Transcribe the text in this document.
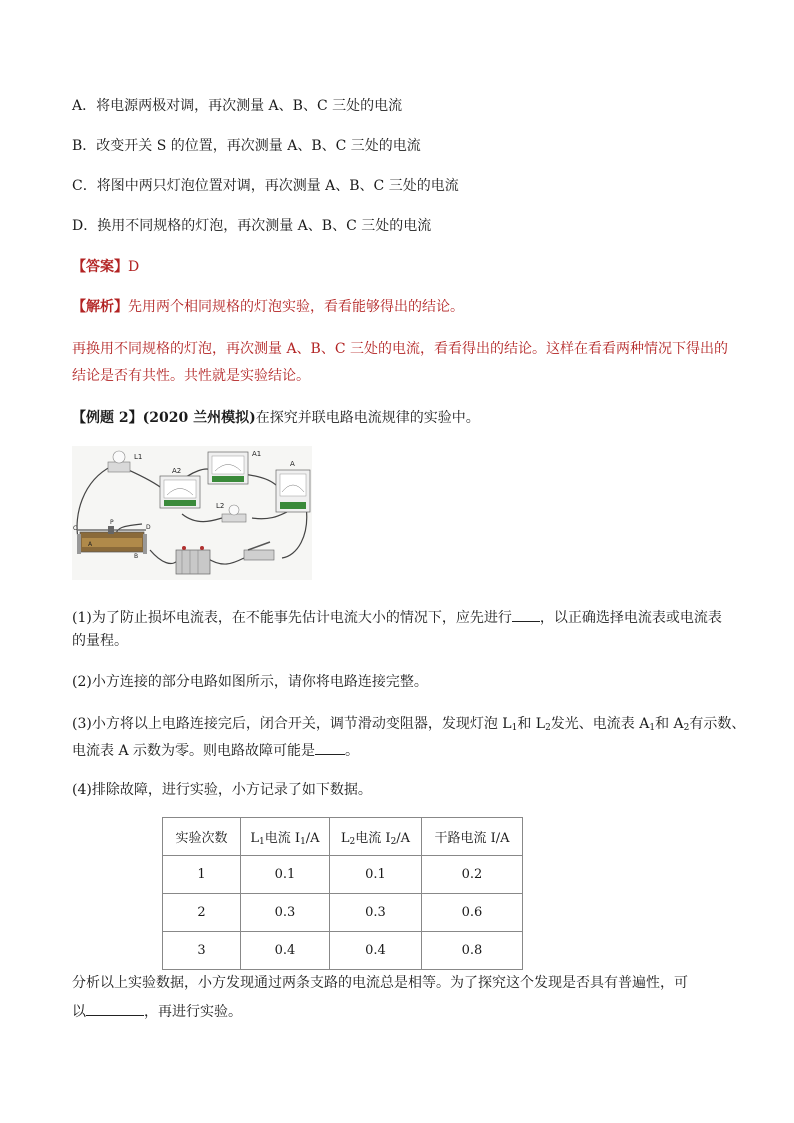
A．将电源两极对调，再次测量 A、B、C 三处的电流
B．改变开关 S 的位置，再次测量 A、B、C 三处的电流
C．将图中两只灯泡位置对调，再次测量 A、B、C 三处的电流
D．换用不同规格的灯泡，再次测量 A、B、C 三处的电流
【答案】D
【解析】先用两个相同规格的灯泡实验，看看能够得出的结论。
再换用不同规格的灯泡，再次测量 A、B、C 三处的电流，看看得出的结论。这样在看看两种情况下得出的
结论是否有共性。共性就是实验结论。
【例题 2】(2020 兰州模拟)在探究并联电路电流规律的实验中。
L1	A1
A2
A
L2
C
P
D
A
B
(1)为了防止损坏电流表，在不能事先估计电流大小的情况下，应先进行 ，以正确选择电流表或电流表
的量程。
(2)小方连接的部分电路如图所示，请你将电路连接完整。
(3)小方将以上电路连接完后，闭合开关，调节滑动变阻器，发现灯泡 $L_1$和 $L_2$发光、电流表 $A_1$和 $A_2$有示数、
电流表 A 示数为零。则电路故障可能是 。
(4)排除故障，进行实验，小方记录了如下数据。
实验次数	$L_1$电流 $I_1/A$	$L_2$电流 $I_2/A$	干路电流 I/A
1	0.1	0.1	0.2
2	0.3	0.3	0.6
3	0.4	0.4	0.8
分析以上实验数据，小方发现通过两条支路的电流总是相等。为了探究这个发现是否具有普遍性，可
以	，再进行实验。
